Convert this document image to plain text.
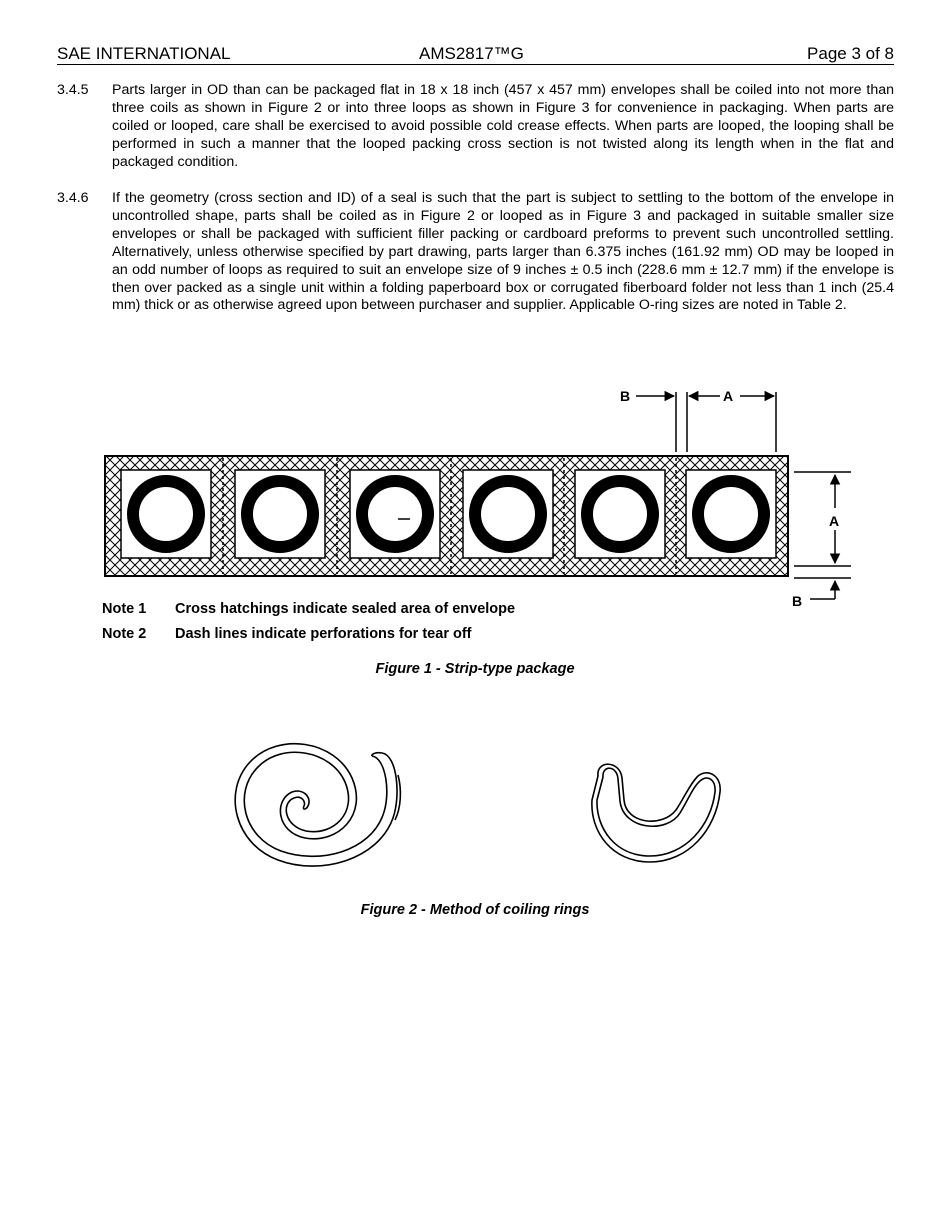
SAE INTERNATIONAL	AMS2817™G	Page 3 of 8
3.4.5 Parts larger in OD than can be packaged flat in 18 x 18 inch (457 x 457 mm) envelopes shall be coiled into not more than three coils as shown in Figure 2 or into three loops as shown in Figure 3 for convenience in packaging. When parts are coiled or looped, care shall be exercised to avoid possible cold crease effects. When parts are looped, the looping shall be performed in such a manner that the looped packing cross section is not twisted along its length when in the flat and packaged condition.
3.4.6 If the geometry (cross section and ID) of a seal is such that the part is subject to settling to the bottom of the envelope in uncontrolled shape, parts shall be coiled as in Figure 2 or looped as in Figure 3 and packaged in suitable smaller size envelopes or shall be packaged with sufficient filler packing or cardboard preforms to prevent such uncontrolled settling. Alternatively, unless otherwise specified by part drawing, parts larger than 6.375 inches (161.92 mm) OD may be looped in an odd number of loops as required to suit an envelope size of 9 inches ± 0.5 inch (228.6 mm ± 12.7 mm) if the envelope is then over packed as a single unit within a folding paperboard box or corrugated fiberboard folder not less than 1 inch (25.4 mm) thick or as otherwise agreed upon between purchaser and supplier. Applicable O-ring sizes are noted in Table 2.
B	A
A
B
Note 1 Cross hatchings indicate sealed area of envelope
Note 2 Dash lines indicate perforations for tear off
Figure 1 - Strip-type package
Figure 2 - Method of coiling rings
